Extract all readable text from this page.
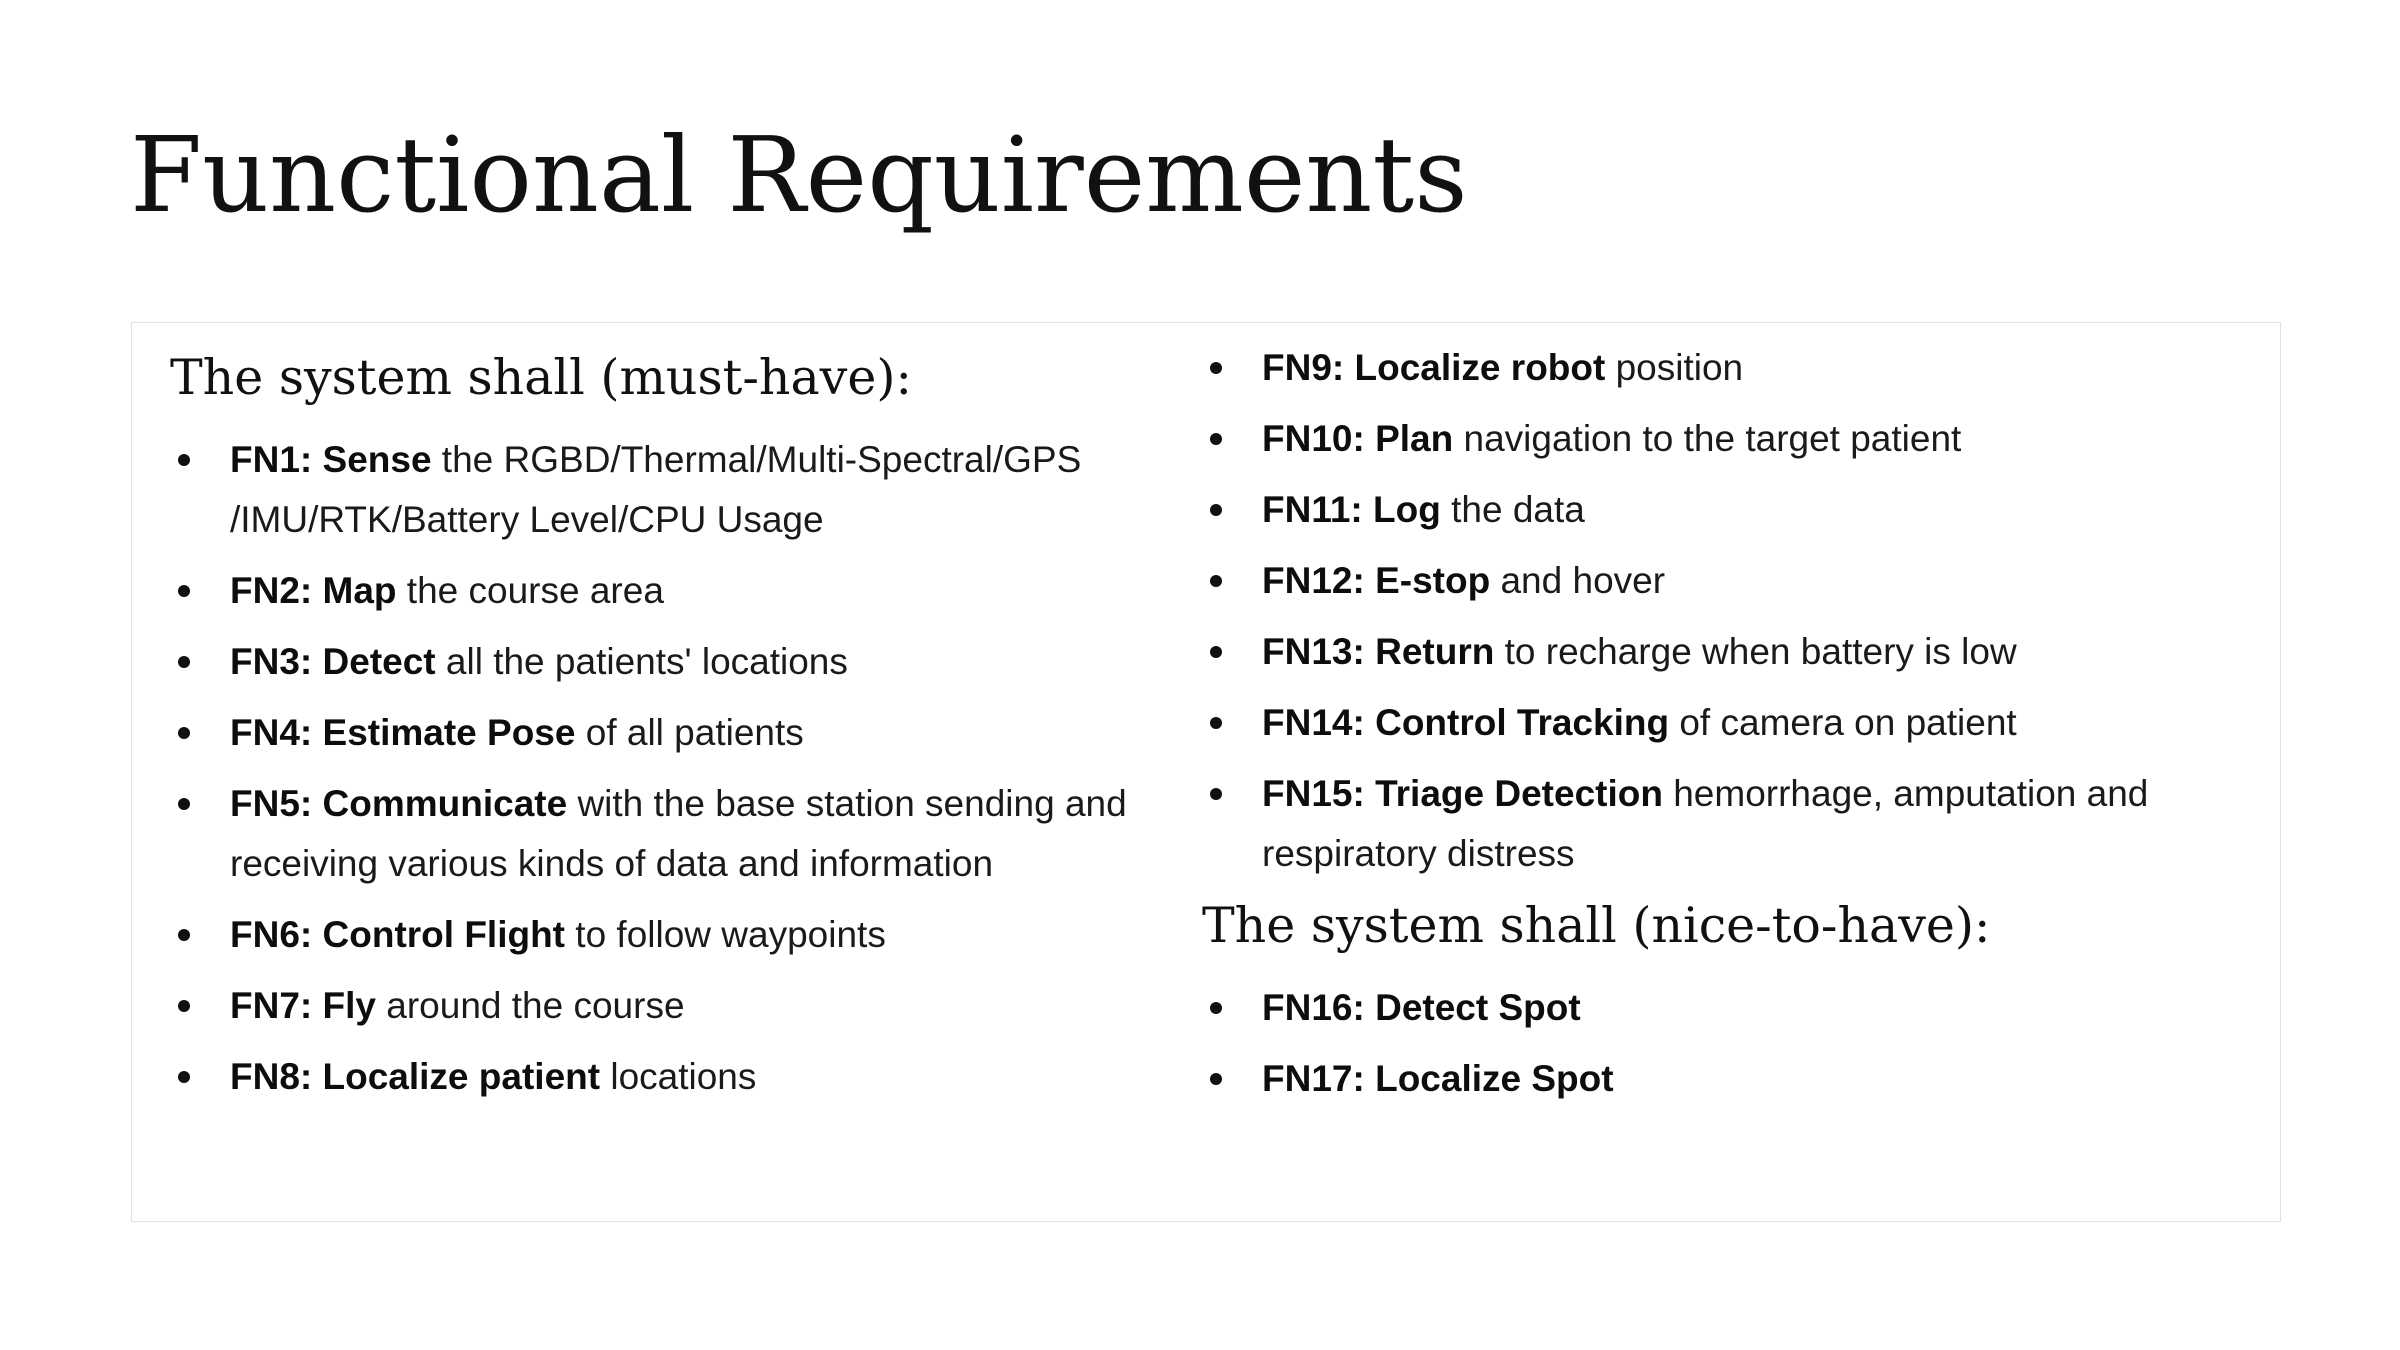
Functional Requirements
The system shall (must-have):
FN1: Sense the RGBD/Thermal/Multi-Spectral/GPS /IMU/RTK/Battery Level/CPU Usage
FN2: Map the course area
FN3: Detect all the patients' locations
FN4: Estimate Pose of all patients
FN5: Communicate with the base station sending and receiving various kinds of data and information
FN6: Control Flight to follow waypoints
FN7: Fly around the course
FN8: Localize patient locations
FN9: Localize robot position
FN10: Plan navigation to the target patient
FN11: Log the data
FN12: E-stop and hover
FN13: Return to recharge when battery is low
FN14: Control Tracking of camera on patient
FN15: Triage Detection hemorrhage, amputation and respiratory distress
The system shall (nice-to-have):
FN16: Detect Spot
FN17: Localize Spot
